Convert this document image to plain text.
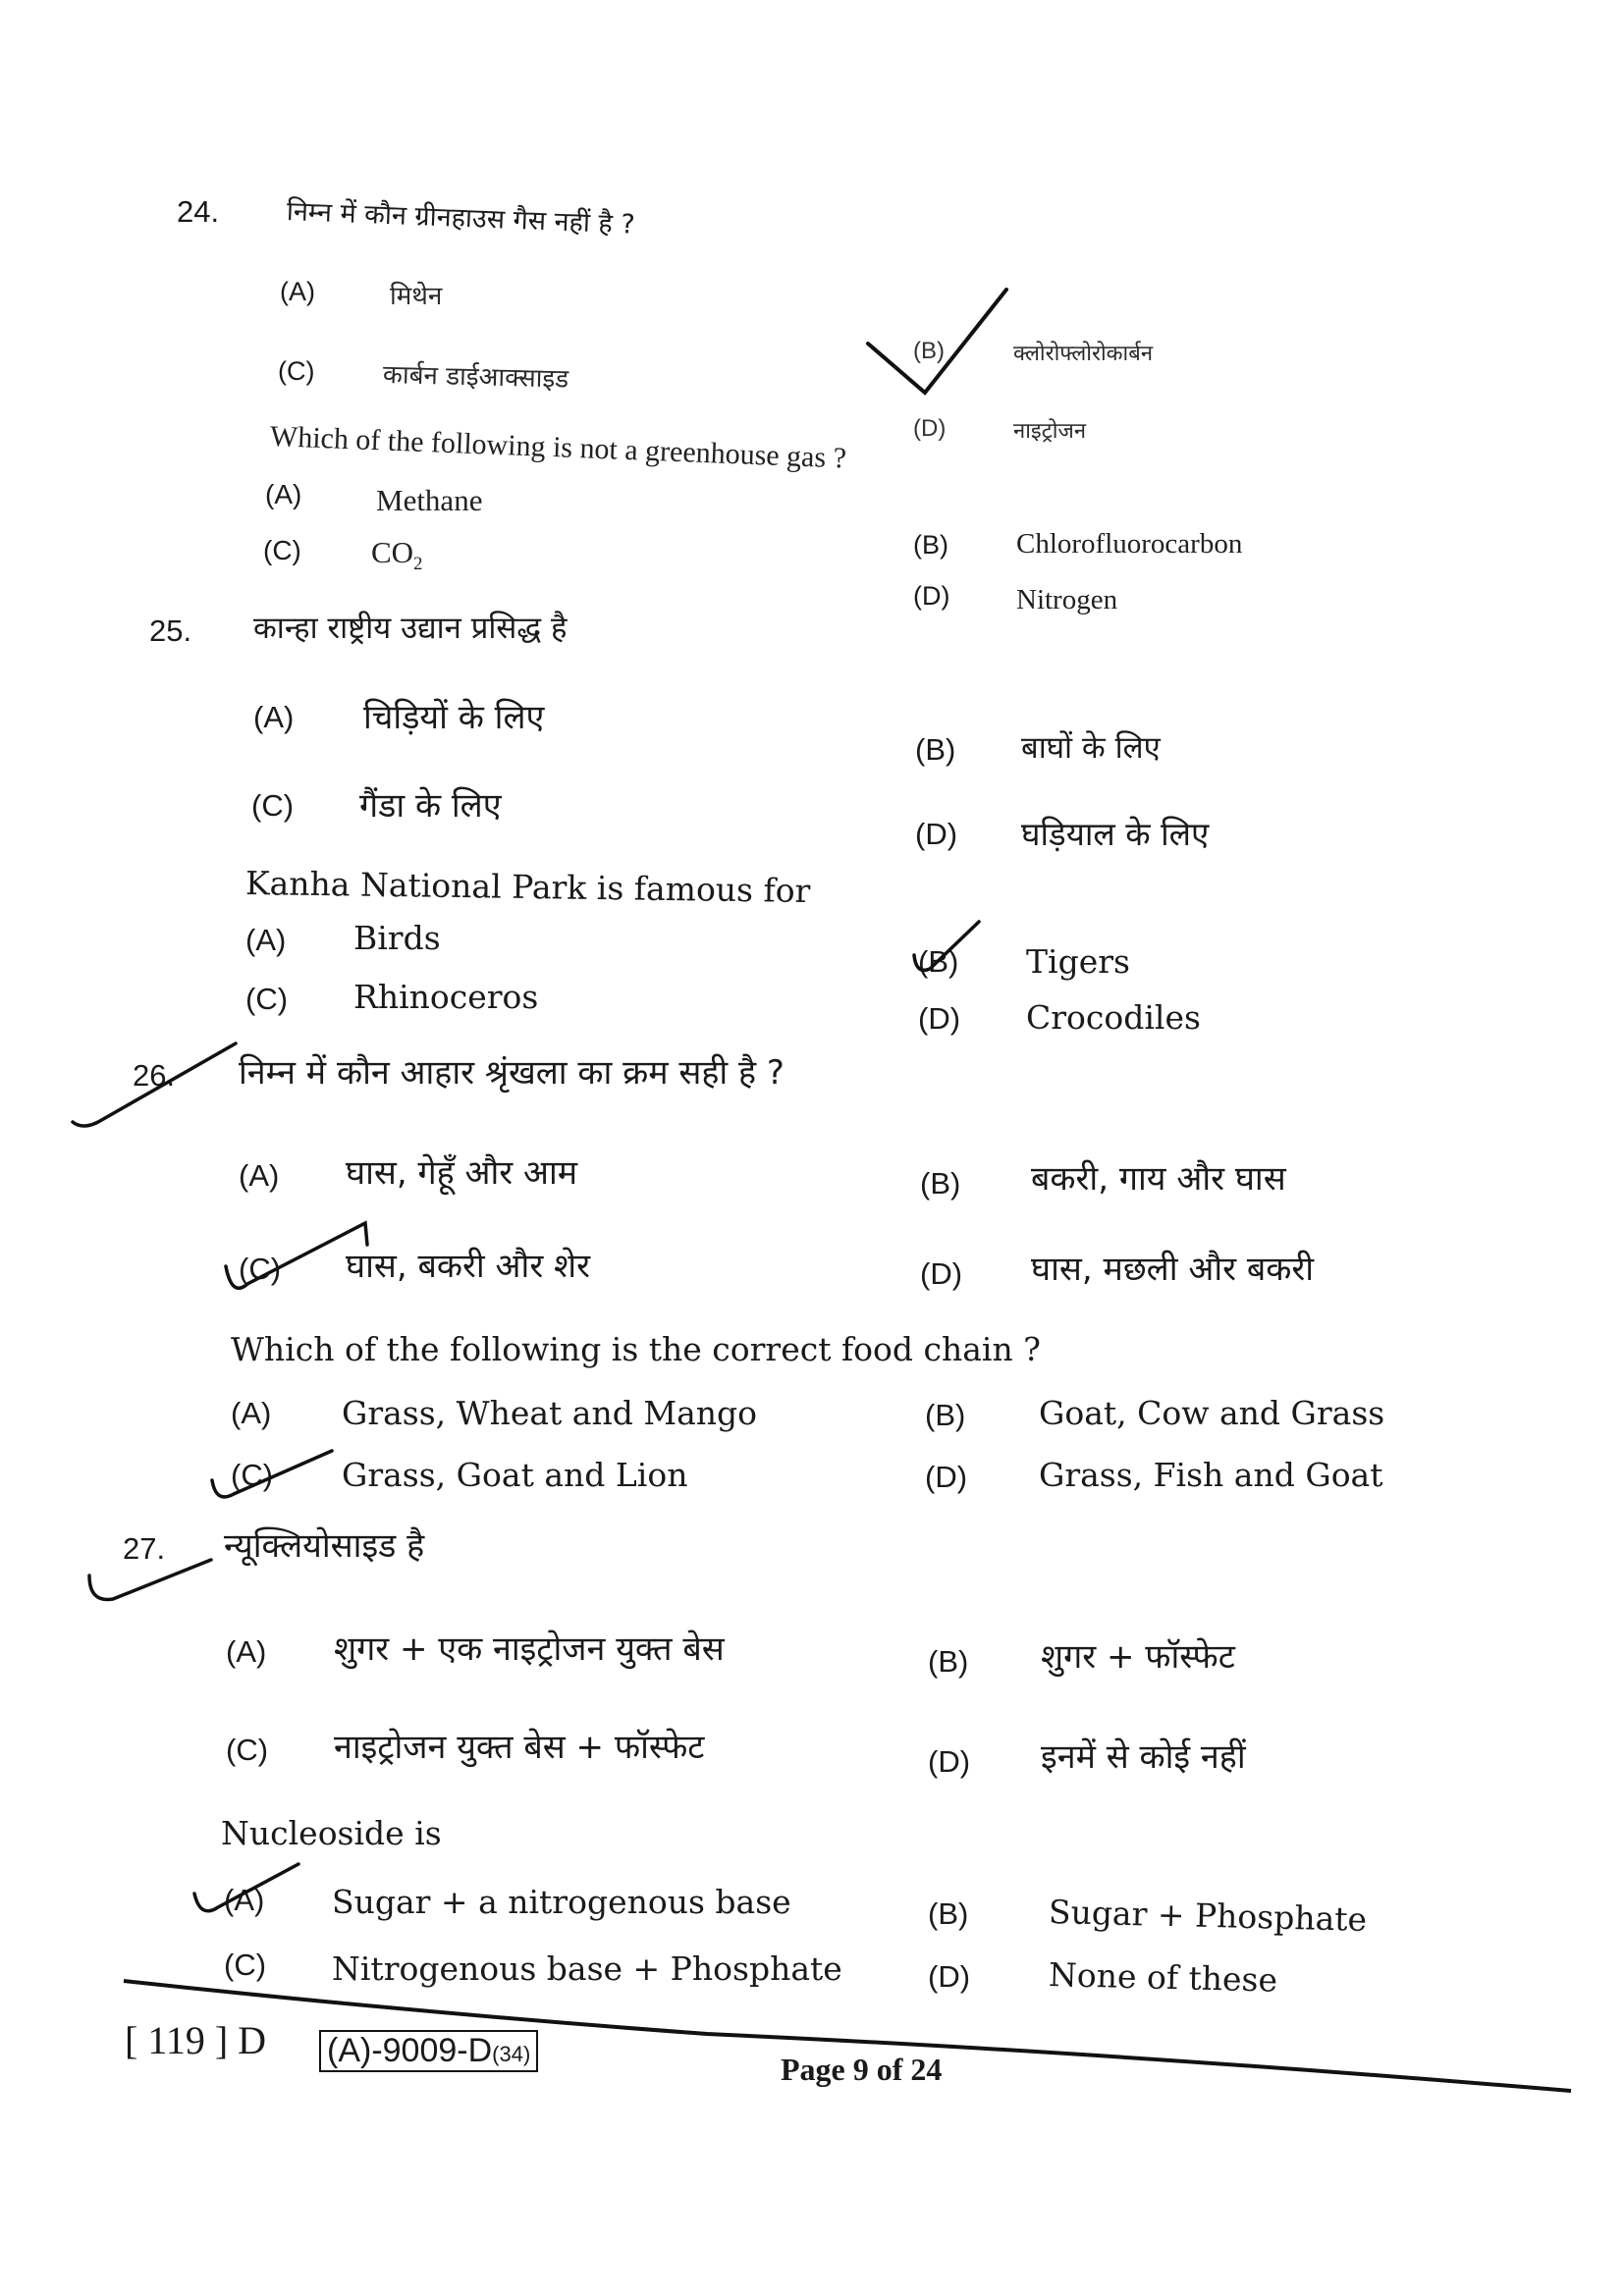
24.	निम्न में कौन ग्रीनहाउस गैस नहीं है ?
(A)	मिथेन
(C)	कार्बन डाईआक्साइड
(B)	क्लोरोफ्लोरोकार्बन
(D)	नाइट्रोजन
Which of the following is not a greenhouse gas ?
(A) Methane
(C) $CO_2$
(B) Chlorofluorocarbon
(D) Nitrogen
25. कान्हा राष्ट्रीय उद्यान प्रसिद्ध है
(A) चिड़ियों के लिए
(C) गैंडा के लिए
(B) बाघों के लिए
(D) घड़ियाल के लिए
Kanha National Park is famous for
(A) Birds
(C) Rhinoceros
(B) Tigers
(D) Crocodiles
26. निम्न में कौन आहार श्रृंखला का क्रम सही है ?
(A) घास, गेहूँ और आम
(C) घास, बकरी और शेर
(B) बकरी, गाय और घास
(D) घास, मछली और बकरी
Which of the following is the correct food chain ?
(A) Grass, Wheat and Mango
(C) Grass, Goat and Lion
(B) Goat, Cow and Grass
(D) Grass, Fish and Goat
27. न्यूक्लियोसाइड है
(A) शुगर + एक नाइट्रोजन युक्त बेस
(C) नाइट्रोजन युक्त बेस + फॉस्फेट
(B) शुगर + फॉस्फेट
(D) इनमें से कोई नहीं
Nucleoside is
(A) Sugar + a nitrogenous base
(C) Nitrogenous base + Phosphate
(B) Sugar + Phosphate
(D) None of these
[ 119 ] D (A)-9009-D(34)	Page 9 of 24
